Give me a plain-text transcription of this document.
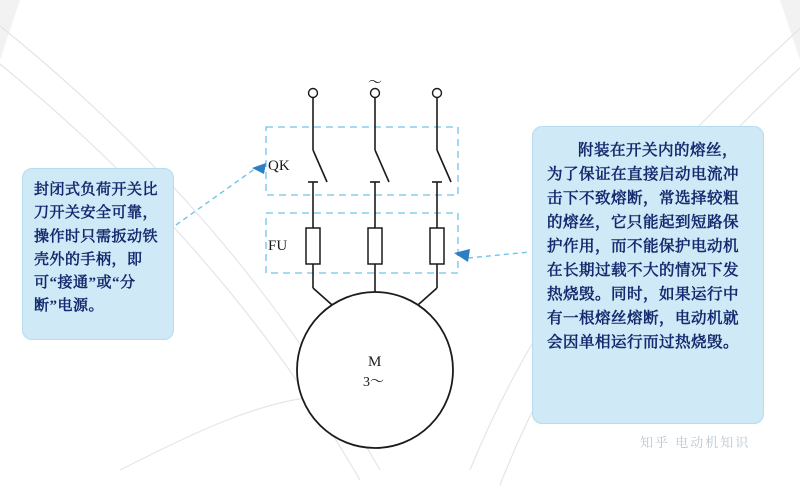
～
QK
FU
M
3～
封闭式负荷开关比刀开关安全可靠，操作时只需扳动铁壳外的手柄，即可“接通”或“分断”电源。
附装在开关内的熔丝，为了保证在直接启动电流冲击下不致熔断，常选择较粗的熔丝，它只能起到短路保护作用，而不能保护电动机在长期过载不大的情况下发热烧毁。同时，如果运行中有一根熔丝熔断，电动机就会因单相运行而过热烧毁。
知乎 电动机知识
